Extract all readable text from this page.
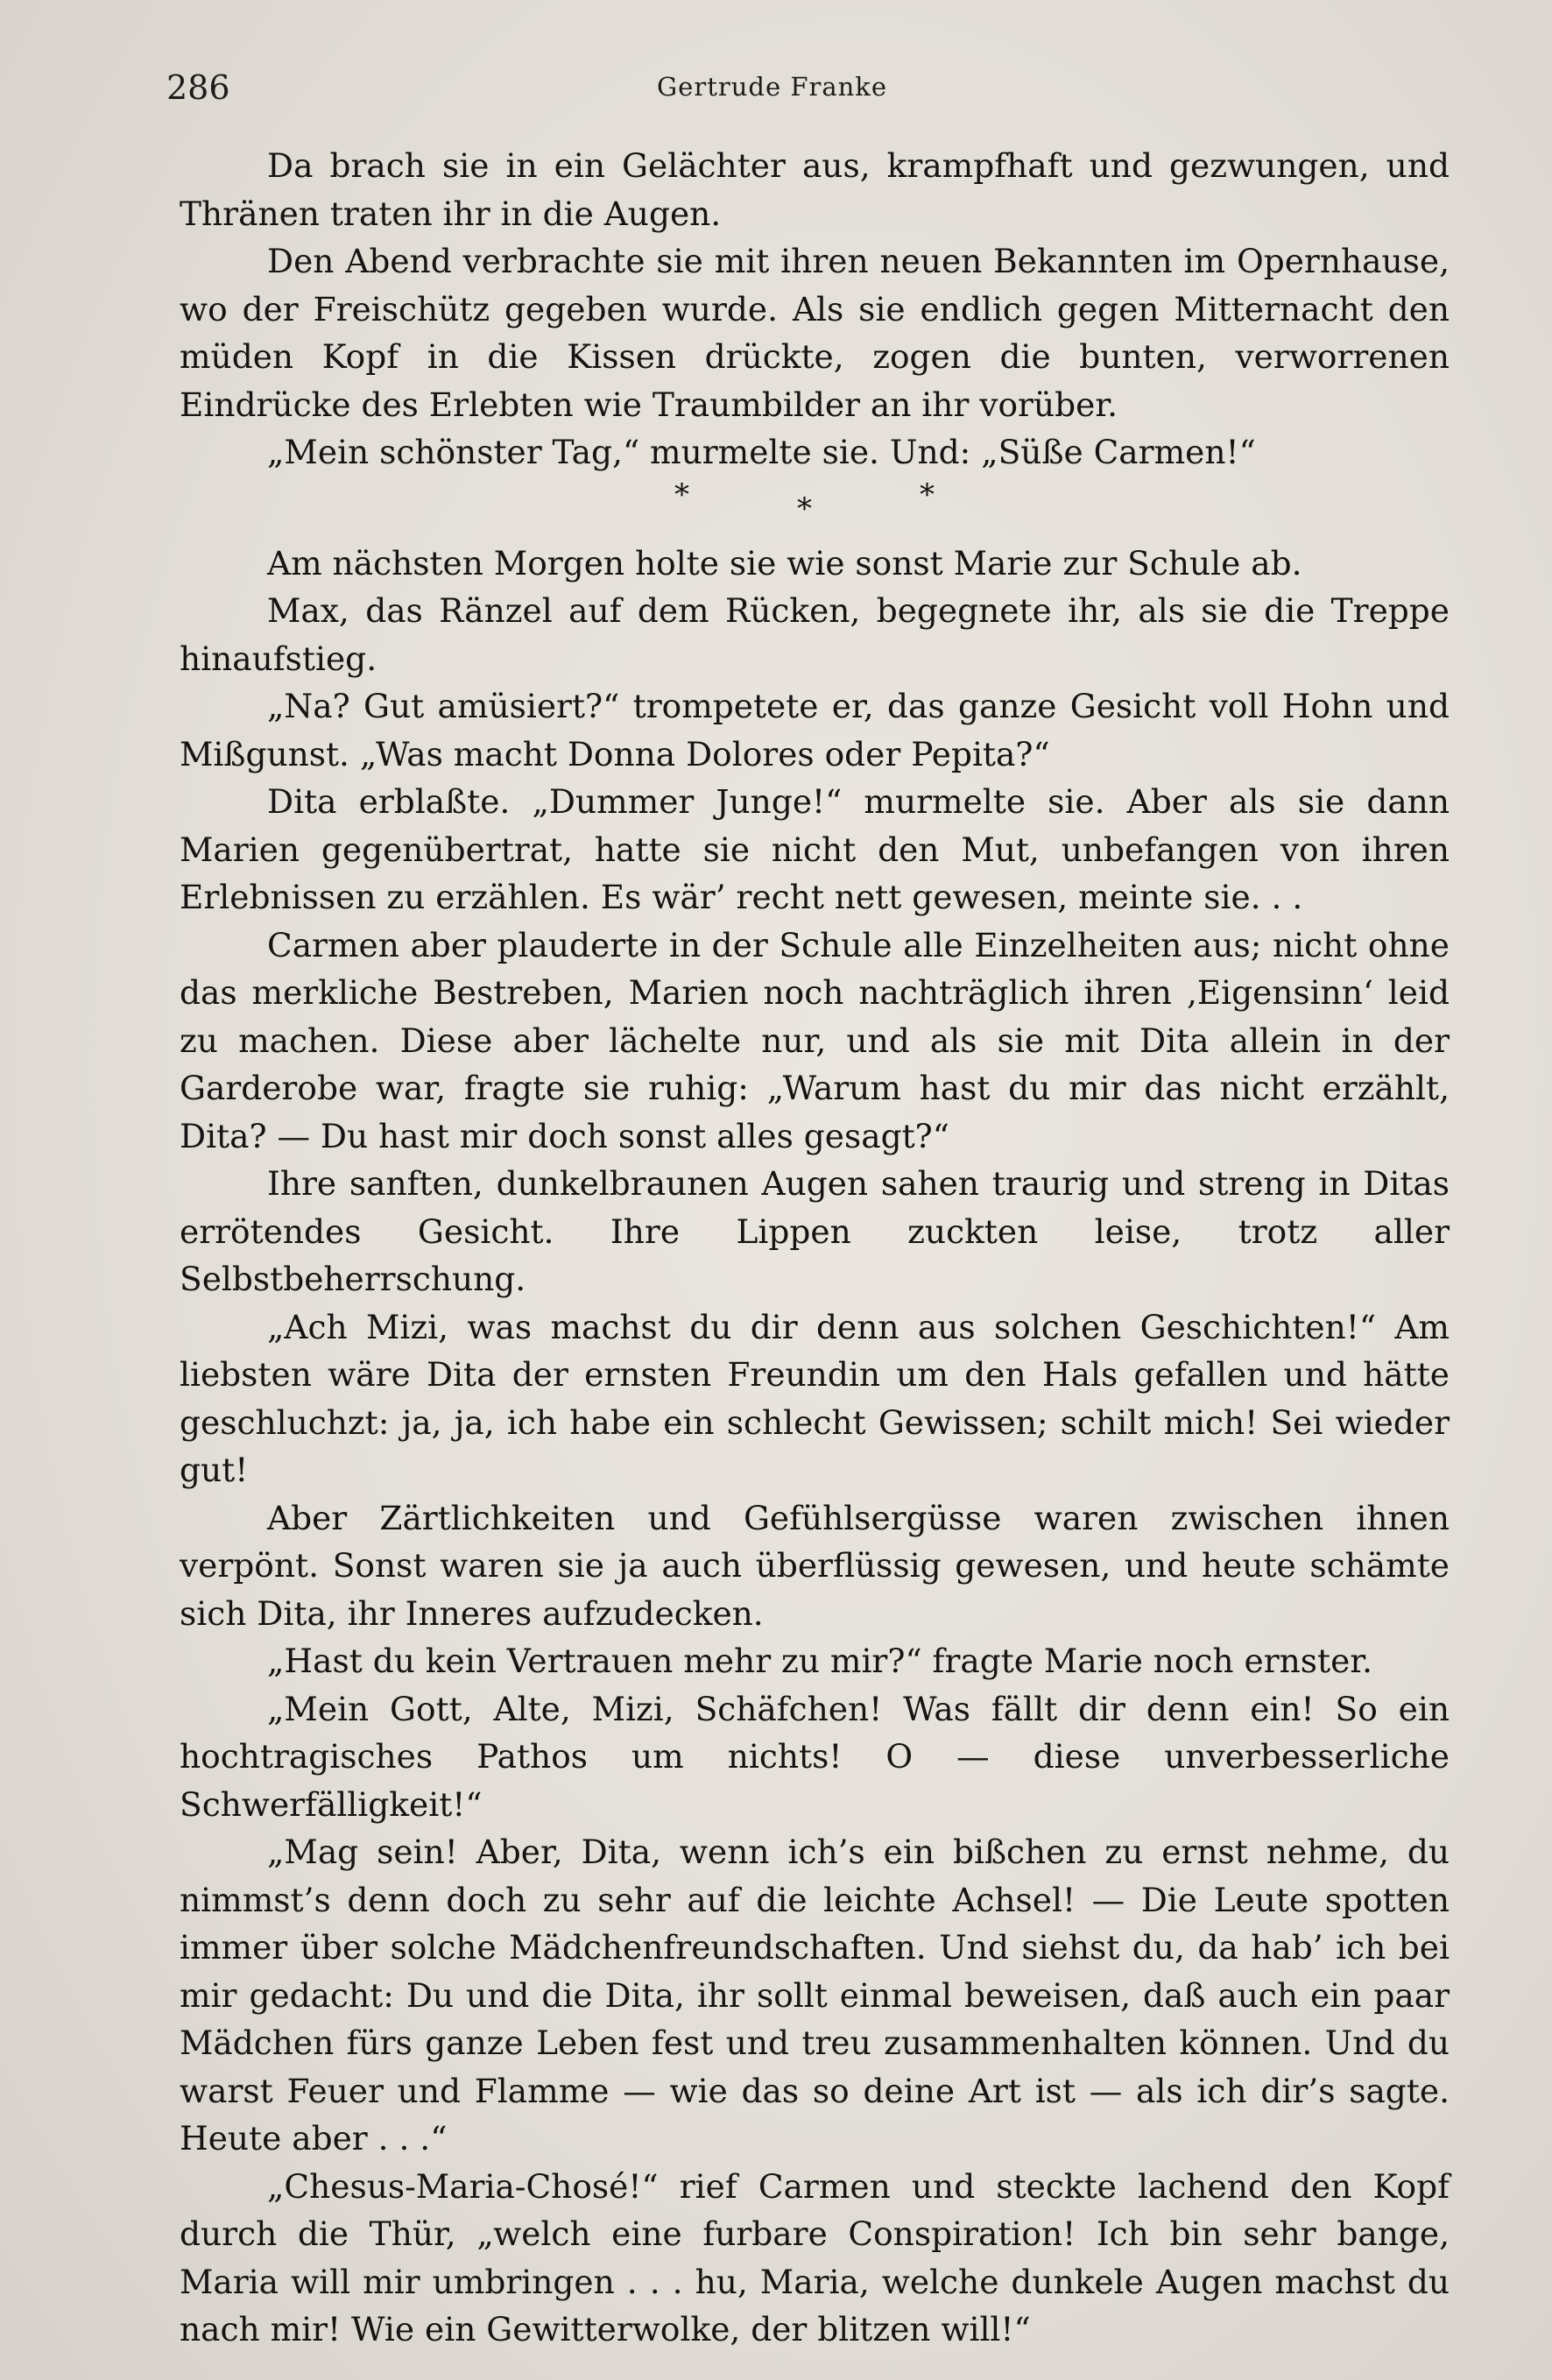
286	Gertrude Franke

Da brach sie in ein Gelächter aus, krampfhaft und gezwungen, und Thränen traten ihr in die Augen.

Den Abend verbrachte sie mit ihren neuen Bekannten im Opernhause, wo der Freischütz gegeben wurde. Als sie endlich gegen Mitternacht den müden Kopf in die Kissen drückte, zogen die bunten, verworrenen Eindrücke des Erlebten wie Traumbilder an ihr vorüber.

„Mein schönster Tag,“ murmelte sie. Und: „Süße Carmen!“

*	*	*

Am nächsten Morgen holte sie wie sonst Marie zur Schule ab.

Max, das Ränzel auf dem Rücken, begegnete ihr, als sie die Treppe hinaufstieg.

„Na? Gut amüsiert?“ trompetete er, das ganze Gesicht voll Hohn und Mißgunst. „Was macht Donna Dolores oder Pepita?“

Dita erblaßte. „Dummer Junge!“ murmelte sie. Aber als sie dann Marien gegenübertrat, hatte sie nicht den Mut, unbefangen von ihren Erlebnissen zu erzählen. Es wär’ recht nett gewesen, meinte sie. . .

Carmen aber plauderte in der Schule alle Einzelheiten aus; nicht ohne das merkliche Bestreben, Marien noch nachträglich ihren ‚Eigensinn‘ leid zu machen. Diese aber lächelte nur, und als sie mit Dita allein in der Garderobe war, fragte sie ruhig: „Warum hast du mir das nicht erzählt, Dita? — Du hast mir doch sonst alles gesagt?“

Ihre sanften, dunkelbraunen Augen sahen traurig und streng in Ditas errötendes Gesicht. Ihre Lippen zuckten leise, trotz aller Selbstbeherrschung.

„Ach Mizi, was machst du dir denn aus solchen Geschichten!“ Am liebsten wäre Dita der ernsten Freundin um den Hals gefallen und hätte geschluchzt: ja, ja, ich habe ein schlecht Gewissen; schilt mich! Sei wieder gut!

Aber Zärtlichkeiten und Gefühlsergüsse waren zwischen ihnen verpönt. Sonst waren sie ja auch überflüssig gewesen, und heute schämte sich Dita, ihr Inneres aufzudecken.

„Hast du kein Vertrauen mehr zu mir?“ fragte Marie noch ernster.

„Mein Gott, Alte, Mizi, Schäfchen! Was fällt dir denn ein! So ein hochtragisches Pathos um nichts! O — diese unverbesserliche Schwerfälligkeit!“

„Mag sein! Aber, Dita, wenn ich’s ein bißchen zu ernst nehme, du nimmst’s denn doch zu sehr auf die leichte Achsel! — Die Leute spotten immer über solche Mädchenfreundschaften. Und siehst du, da hab’ ich bei mir gedacht: Du und die Dita, ihr sollt einmal beweisen, daß auch ein paar Mädchen fürs ganze Leben fest und treu zusammenhalten können. Und du warst Feuer und Flamme — wie das so deine Art ist — als ich dir’s sagte. Heute aber . . .“

„Chesus-Maria-Chosé!“ rief Carmen und steckte lachend den Kopf durch die Thür, „welch eine furbare Conspiration! Ich bin sehr bange, Maria will mir umbringen . . . hu, Maria, welche dunkele Augen machst du nach mir! Wie ein Gewitterwolke, der blitzen will!“
